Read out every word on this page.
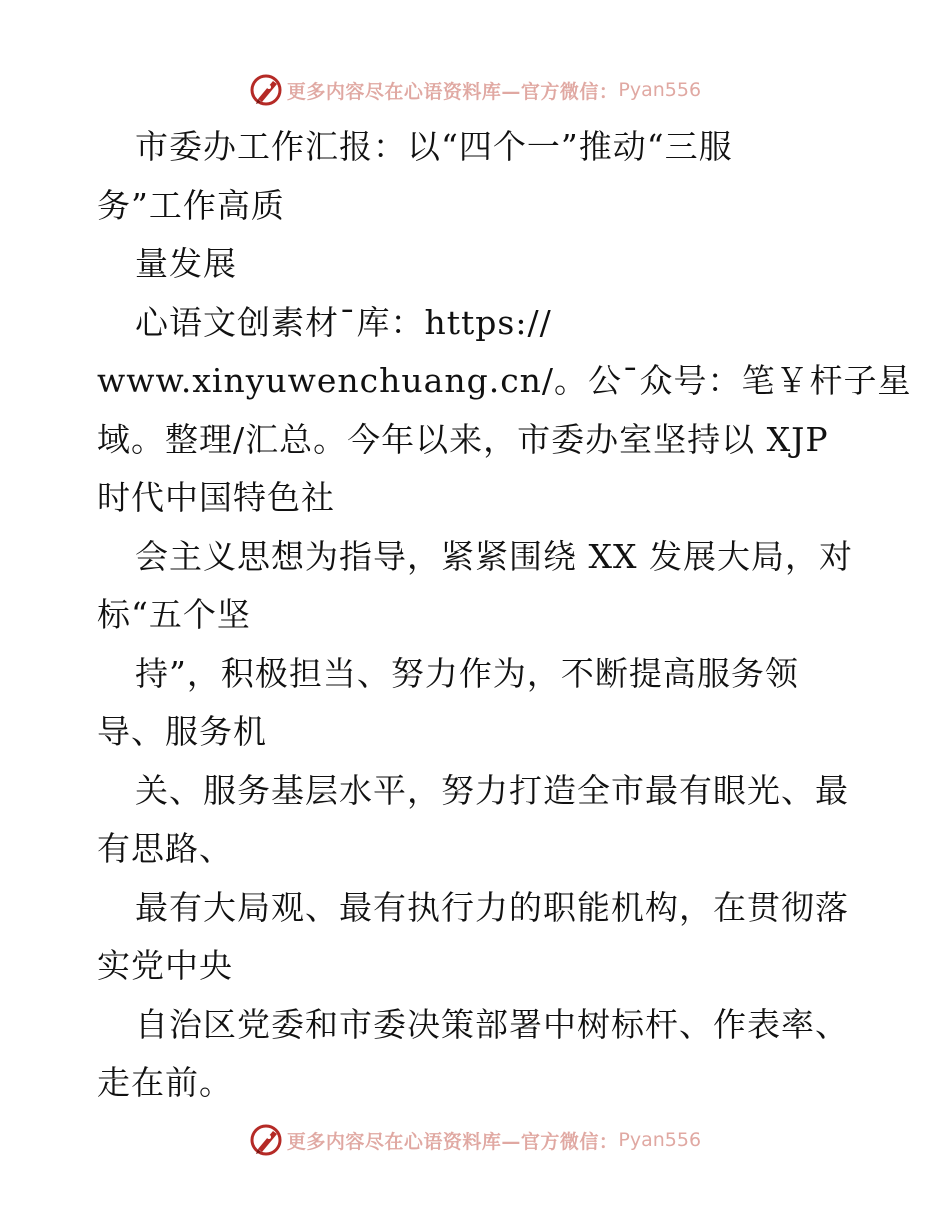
更多内容尽在心语资料库—官方微信： Pyan556
市委办工作汇报：以“四个一”推动“三服
务”工作高质
量发展
心语文创素材¯库：https://
www.xinyuwenchuang.cn/。公¯众号：笔￥杆子星
域。整理/汇总。今年以来，市委办室坚持以 XJP
时代中国特色社
会主义思想为指导，紧紧围绕 XX 发展大局，对
标“五个坚
持”，积极担当、努力作为，不断提高服务领
导、服务机
关、服务基层水平，努力打造全市最有眼光、最
有思路、
最有大局观、最有执行力的职能机构，在贯彻落
实党中央
自治区党委和市委决策部署中树标杆、作表率、
走在前。
更多内容尽在心语资料库—官方微信： Pyan556
